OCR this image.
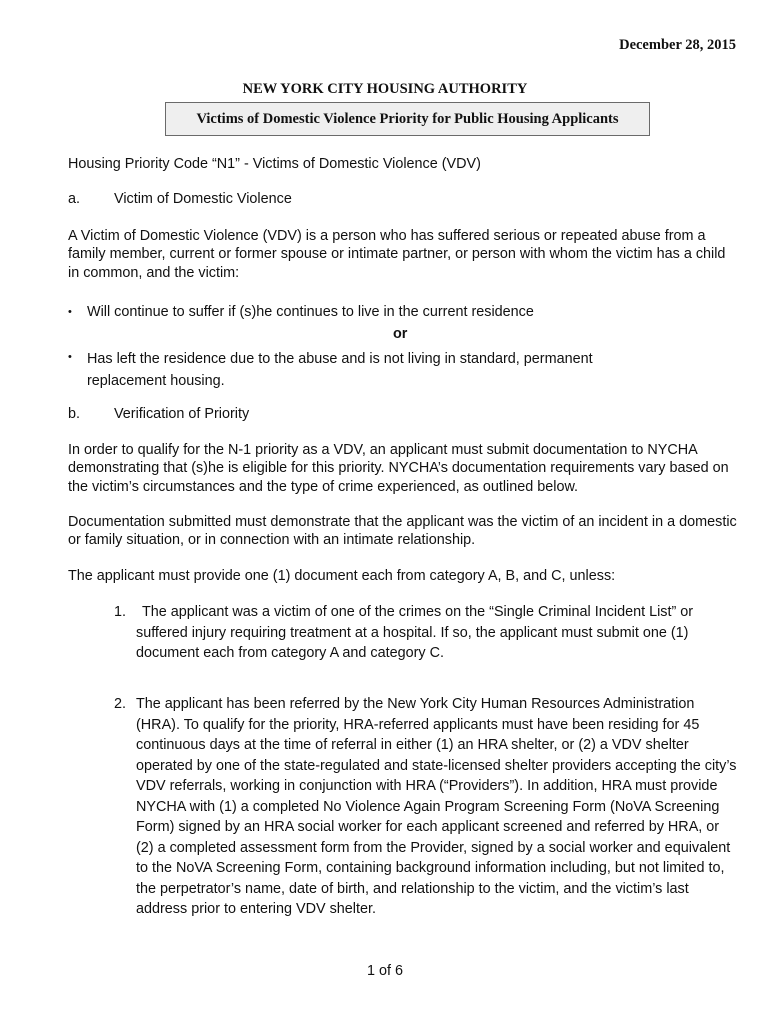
December 28, 2015
NEW YORK CITY HOUSING AUTHORITY
Victims of Domestic Violence Priority for Public Housing Applicants
Housing Priority Code “N1” - Victims of Domestic Violence (VDV)
a. Victim of Domestic Violence
A Victim of Domestic Violence (VDV) is a person who has suffered serious or repeated abuse from a family member, current or former spouse or intimate partner, or person with whom the victim has a child in common, and the victim:
• Will continue to suffer if (s)he continues to live in the current residence
or
• Has left the residence due to the abuse and is not living in standard, permanent replacement housing.
b. Verification of Priority
In order to qualify for the N-1 priority as a VDV, an applicant must submit documentation to NYCHA demonstrating that (s)he is eligible for this priority. NYCHA’s documentation requirements vary based on the victim’s circumstances and the type of crime experienced, as outlined below.
Documentation submitted must demonstrate that the applicant was the victim of an incident in a domestic or family situation, or in connection with an intimate relationship.
The applicant must provide one (1) document each from category A, B, and C, unless:
1.	The applicant was a victim of one of the crimes on the “Single Criminal Incident List” or suffered injury requiring treatment at a hospital. If so, the applicant must submit one (1) document each from category A and category C.
2. The applicant has been referred by the New York City Human Resources Administration (HRA). To qualify for the priority, HRA-referred applicants must have been residing for 45 continuous days at the time of referral in either (1) an HRA shelter, or (2) a VDV shelter operated by one of the state-regulated and state-licensed shelter providers accepting the city’s VDV referrals, working in conjunction with HRA (“Providers”). In addition, HRA must provide NYCHA with (1) a completed No Violence Again Program Screening Form (NoVA Screening Form) signed by an HRA social worker for each applicant screened and referred by HRA, or (2) a completed assessment form from the Provider, signed by a social worker and equivalent to the NoVA Screening Form, containing background information including, but not limited to, the perpetrator’s name, date of birth, and relationship to the victim, and the victim’s last address prior to entering VDV shelter.
1 of 6
